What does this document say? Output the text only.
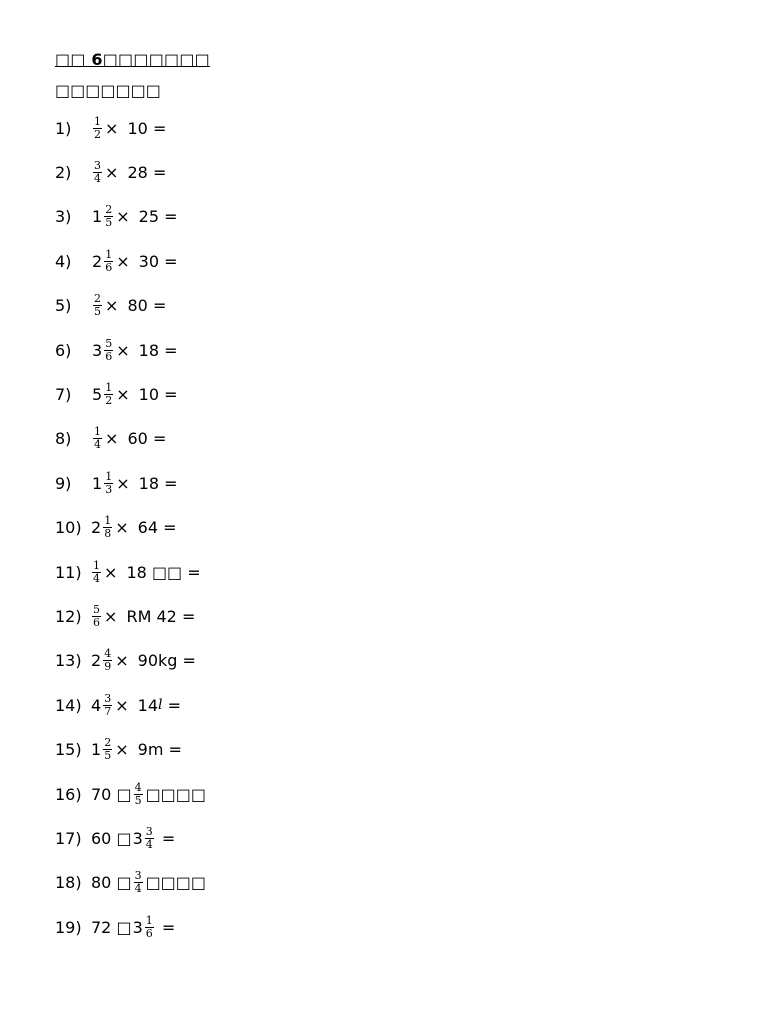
□□ 6□□□□□□□
□□□□□□□
1)	$\frac{1}{2} \times 10$ =
2)	$\frac{3}{4} \times 28$ =
3)	$1 \frac{2}{5} \times 25$ =
4)	$2 \frac{1}{6} \times 30$ =
5)	$\frac{2}{5} \times 80$ =
6)	$3 \frac{5}{6} \times 18$ =
7)	$5 \frac{1}{2} \times 10$ =
8)	$\frac{1}{4} \times 60$ =
9)	$1 \frac{1}{3} \times 18$ =
10) $2 \frac{1}{8} \times 64$ =
$11) \frac{1}{4} \times 18$ □□ =
$12) \frac{5}{6}$ × RM 42 =
13) $2 \frac{4}{9} \times 90kg$ =
14) $4 \frac{3}{7} \times 14$ l =
15) $1 \frac{2}{5} \times 9m$ =
16) 70 □ $\frac{4}{5}$ □□□□
17) 60 □ $3 \frac{3}{4}$ =
18) 80 □ $\frac{3}{4}$ □□□□
19) 72 □ $3 \frac{1}{6}$ =
